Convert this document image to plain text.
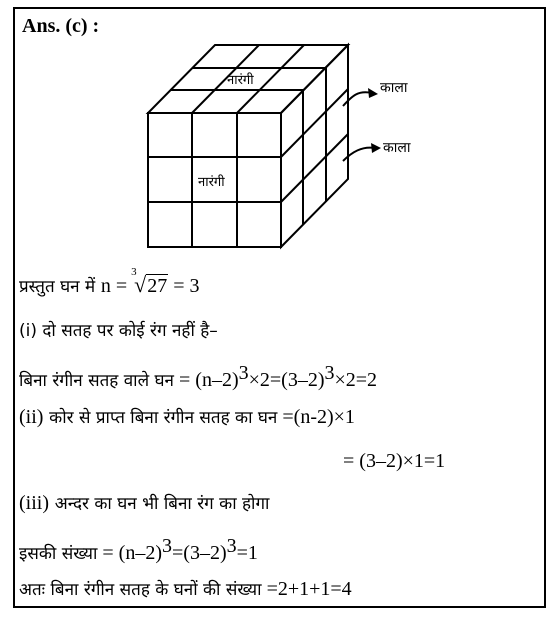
Ans. (c) :
नारंगी
नारंगी
काला
काला
प्रस्तुत घन में n =
3
√27 = 3
(i) दो सतह पर कोई रंग नहीं है–
बिना रंगीन सतह वाले घन = $(n-2)^3\times 2=(3-2)^3\times 2=2$
(ii) कोर से प्राप्त बिना रंगीन सतह का घन =(n-2)×1
= (3–2)×1=1
(iii) अन्दर का घन भी बिना रंग का होगा
इसकी संख्या = $(n-2)^3=(3-2)^3=1$
अतः बिना रंगीन सतह के घनों की संख्या =2+1+1=4
